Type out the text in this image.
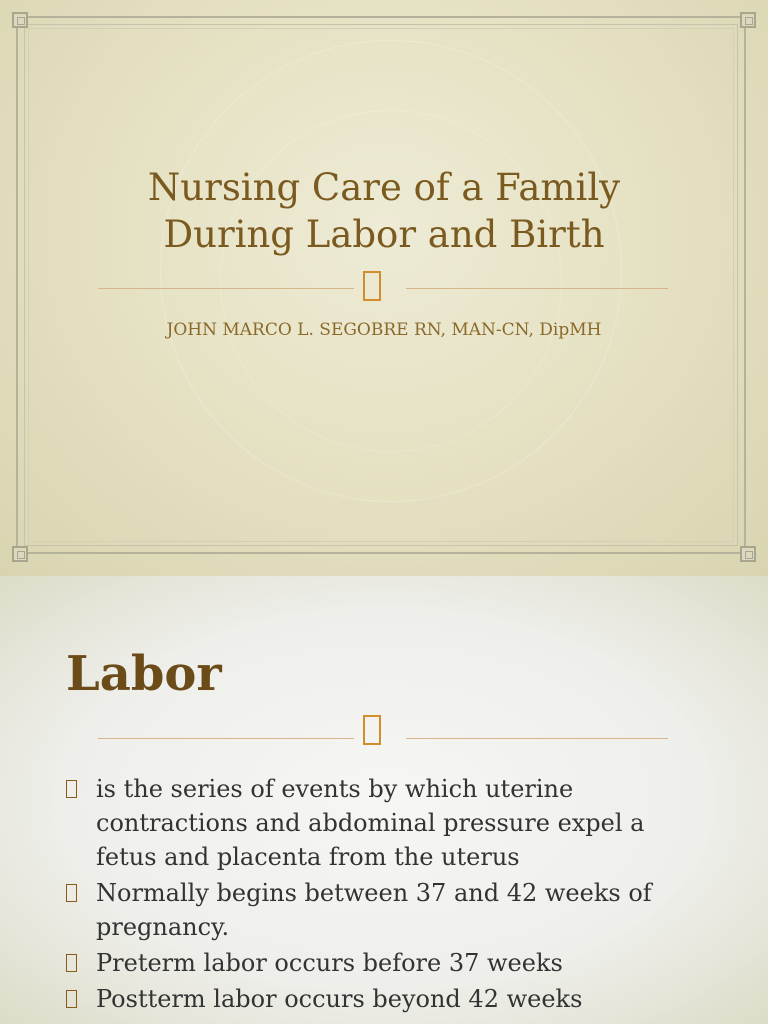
Nursing Care of a Family
During Labor and Birth

JOHN MARCO L. SEGOBRE RN, MAN-CN, DipMH

Labor
is the series of events by which uterine contractions and abdominal pressure expel a fetus and placenta from the uterus
Normally begins between 37 and 42 weeks of pregnancy.
Preterm labor occurs before 37 weeks
Postterm labor occurs beyond 42 weeks
